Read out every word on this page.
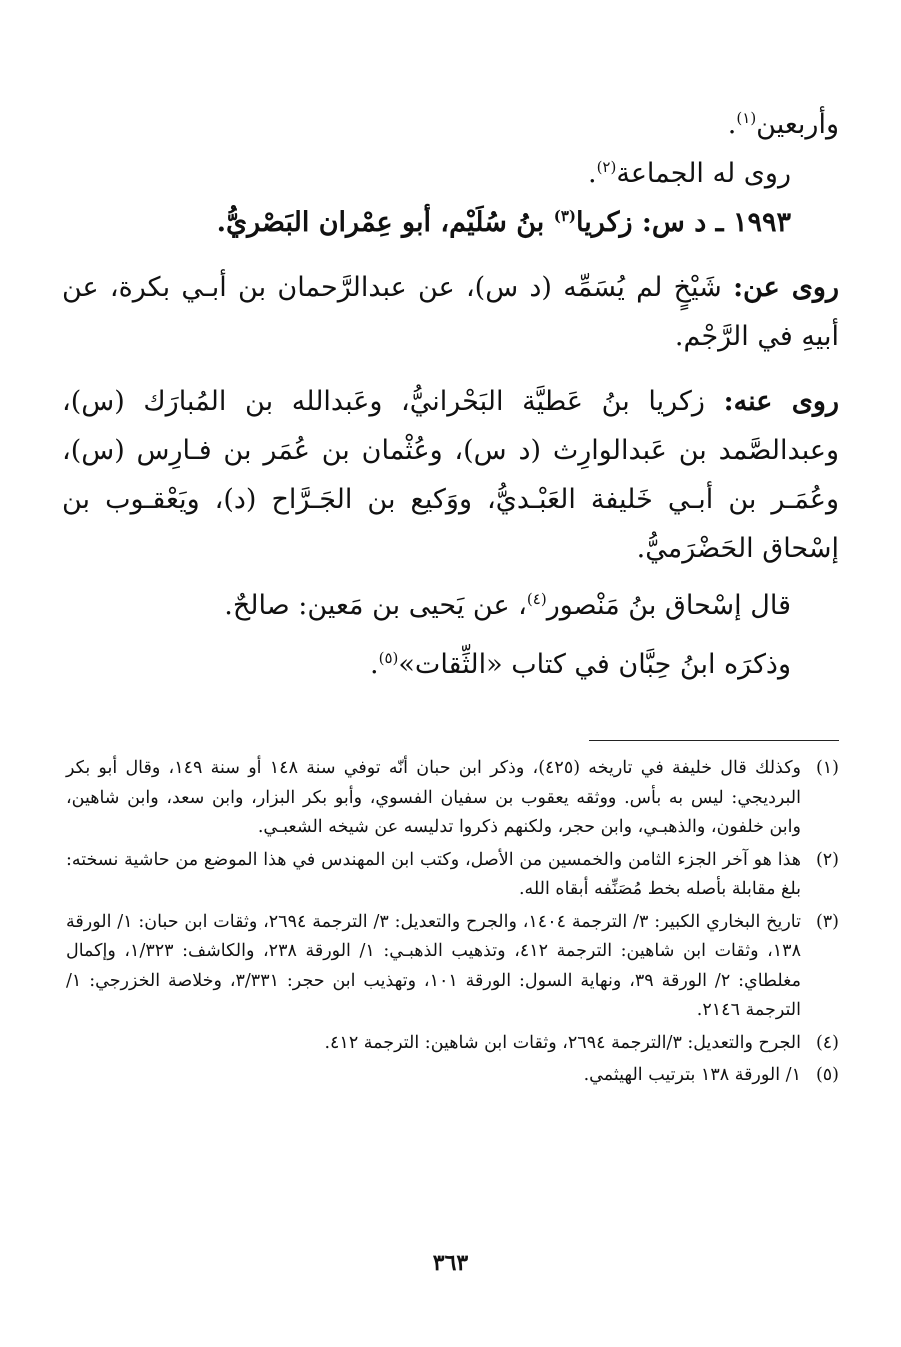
وأربعين$^{(١)}$.

روى له الجماعة$^{(٢)}$.

١٩٩٣ ـ د س: زكريا$^{(٣)}$ بنُ سُلَيْم، أبو عِمْران البَصْريُّ.

روى عن: شَيْخٍ لم يُسَمِّه (د س)، عن عبدالرَّحمان بن أبـي بكرة، عن أبيهِ في الرَّجْم.

روى عنه: زكريا بنُ عَطيَّة البَحْرانيُّ، وعَبدالله بن المُبارَك (س)، وعبدالصَّمد بن عَبدالوارِث (د س)، وعُثْمان بن عُمَر بن فـارِس (س)، وعُمَـر بن أبـي خَليفة العَبْـديُّ، ووَكيع بن الجَـرَّاح (د)، ويَعْقـوب بن إسْحاق الحَضْرَميُّ.

قال إسْحاق بنُ مَنْصور$^{(٤)}$، عن يَحيى بن مَعين: صالحٌ.

وذكرَه ابنُ حِبَّان في كتاب «الثِّقات»$^{(٥)}$.

(١)
وكذلك قال خليفة في تاريخه (٤٢٥)، وذكر ابن حبان أنّه توفي سنة ١٤٨ أو سنة ١٤٩، وقال أبو بكر البرديجي: ليس به بأس. ووثقه يعقوب بن سفيان الفسوي، وأبو بكر البزار، وابن سعد، وابن شاهين، وابن خلفون، والذهبـي، وابن حجر، ولكنهم ذكروا تدليسه عن شيخه الشعبـي.
(٢)
هذا هو آخر الجزء الثامن والخمسين من الأصل، وكتب ابن المهندس في هذا الموضع من حاشية نسخته: بلغ مقابلة بأصله بخط مُصَنِّفه أبقاه الله.
(٣)
تاريخ البخاري الكبير: ٣/ الترجمة ١٤٠٤، والجرح والتعديل: ٣/ الترجمة ٢٦٩٤، وثقات ابن حبان: ١/ الورقة ١٣٨، وثقات ابن شاهين: الترجمة ٤١٢، وتذهيب الذهبـي: ١/ الورقة ٢٣٨، والكاشف: ١/٣٢٣، وإكمال مغلطاي: ٢/ الورقة ٣٩، ونهاية السول: الورقة ١٠١، وتهذيب ابن حجر: ٣/٣٣١، وخلاصة الخزرجي: ١/ الترجمة ٢١٤٦.
(٤)
الجرح والتعديل: ٣/الترجمة ٢٦٩٤، وثقات ابن شاهين: الترجمة ٤١٢.
(٥)
١/ الورقة ١٣٨ بترتيب الهيثمي.
٣٦٣
